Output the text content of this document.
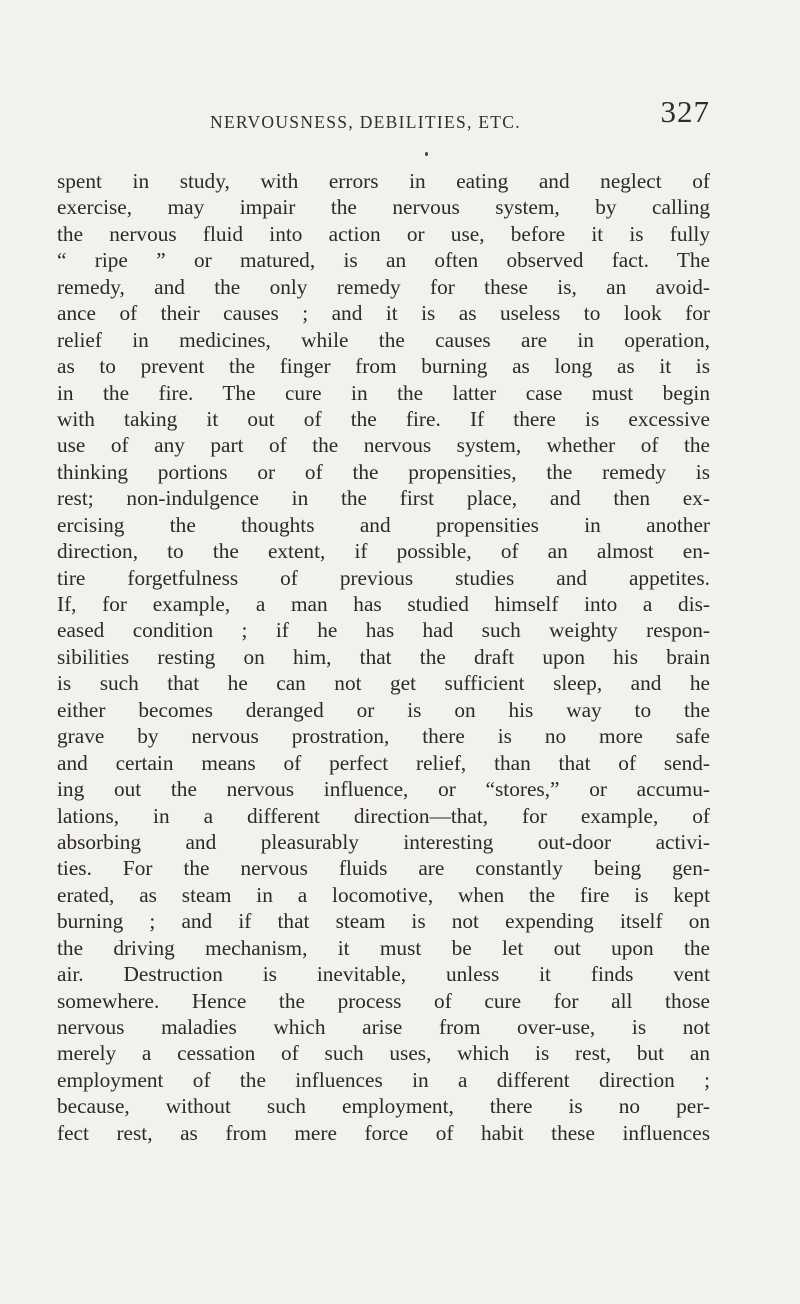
NERVOUSNESS, DEBILITIES, ETC.	327
spent in study, with errors in eating and neglect of
exercise, may impair the nervous system, by calling
the nervous fluid into action or use, before it is fully
“ ripe ” or matured, is an often observed fact. The
remedy, and the only remedy for these is, an avoid-
ance of their causes ; and it is as useless to look for
relief in medicines, while the causes are in operation,
as to prevent the finger from burning as long as it is
in the fire. The cure in the latter case must begin
with taking it out of the fire. If there is excessive
use of any part of the nervous system, whether of the
thinking portions or of the propensities, the remedy is
rest; non-indulgence in the first place, and then ex-
ercising the thoughts and propensities in another
direction, to the extent, if possible, of an almost en-
tire forgetfulness of previous studies and appetites.
If, for example, a man has studied himself into a dis-
eased condition ; if he has had such weighty respon-
sibilities resting on him, that the draft upon his brain
is such that he can not get sufficient sleep, and he
either becomes deranged or is on his way to the
grave by nervous prostration, there is no more safe
and certain means of perfect relief, than that of send-
ing out the nervous influence, or “stores,” or accumu-
lations, in a different direction—that, for example, of
absorbing and pleasurably interesting out-door activi-
ties. For the nervous fluids are constantly being gen-
erated, as steam in a locomotive, when the fire is kept
burning ; and if that steam is not expending itself on
the driving mechanism, it must be let out upon the
air. Destruction is inevitable, unless it finds vent
somewhere. Hence the process of cure for all those
nervous maladies which arise from over-use, is not
merely a cessation of such uses, which is rest, but an
employment of the influences in a different direction ;
because, without such employment, there is no per-
fect rest, as from mere force of habit these influences
